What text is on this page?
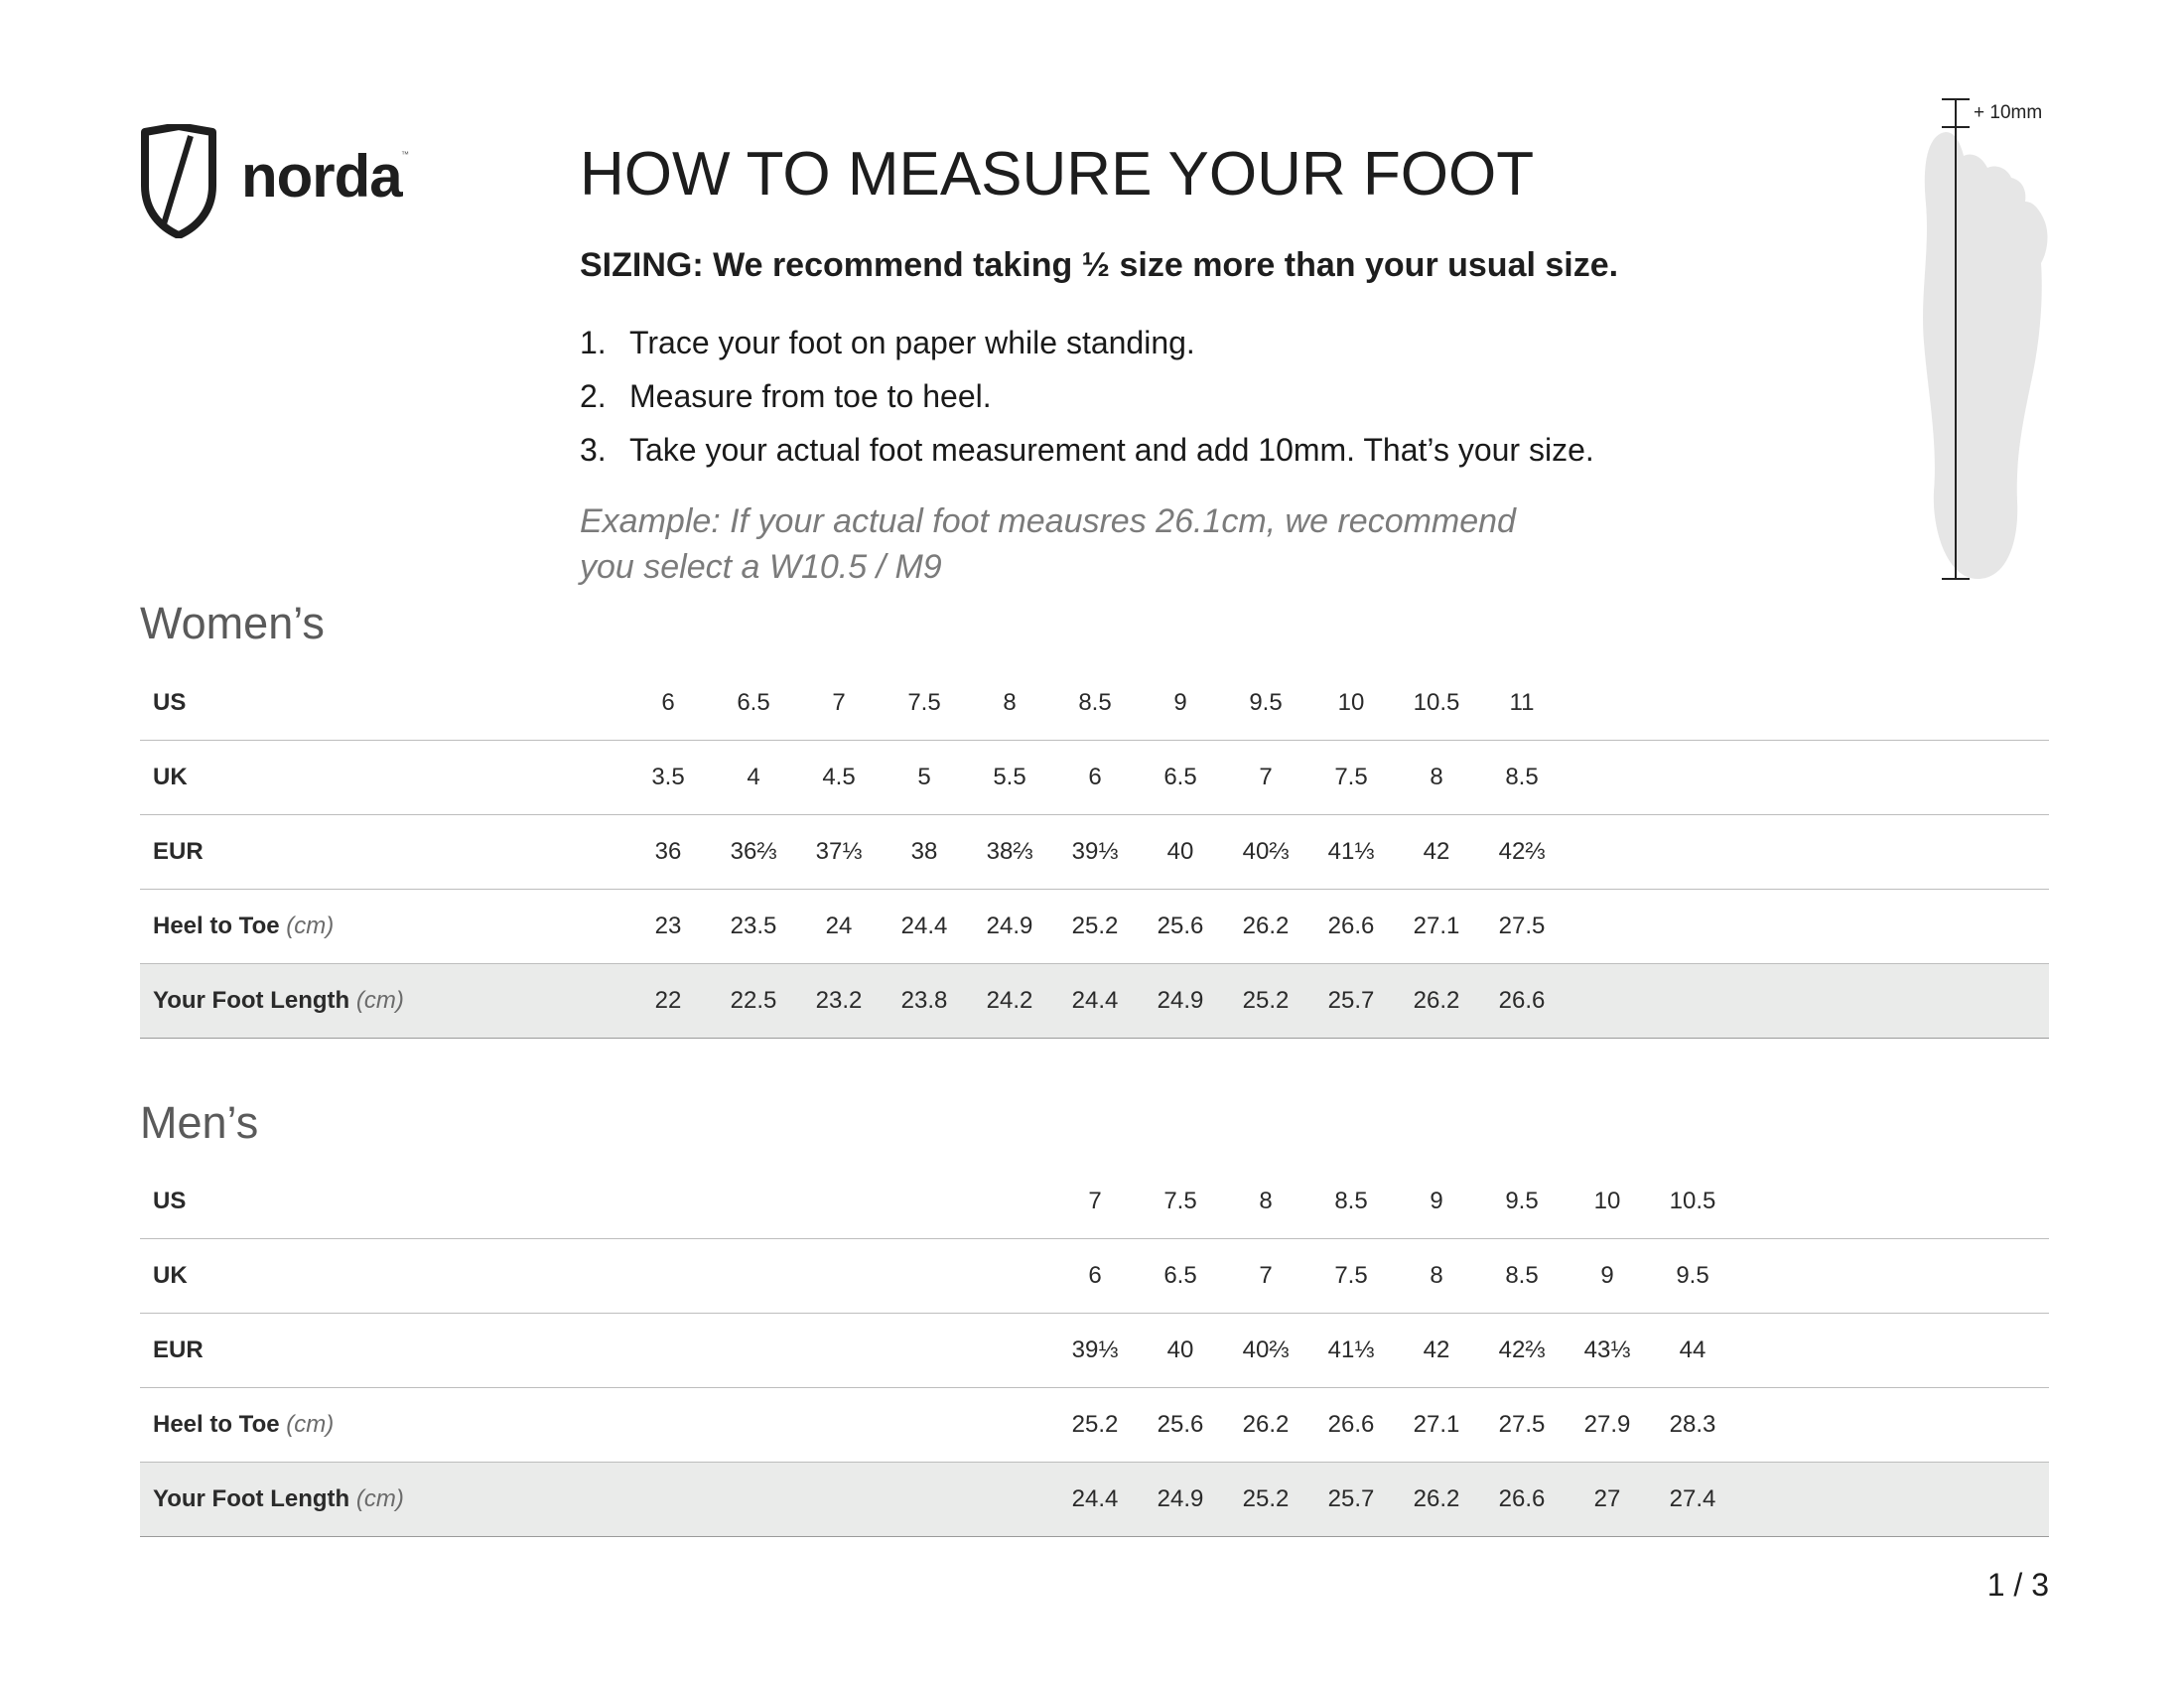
norda ™	HOW TO MEASURE YOUR FOOT
SIZING: We recommend taking ½ size more than your usual size.
1. Trace your foot on paper while standing.
2. Measure from toe to heel.
3. Take your actual foot measurement and add 10mm. That’s your size.
Example: If your actual foot meausres 26.1cm, we recommend
you select a W10.5 / M9
+ 10mm
Women’s
US	6	6.5	7	7.5	8	8.5	9	9.5	10	10.5	11			
UK	3.5	4	4.5	5	5.5	6	6.5	7	7.5	8	8.5			
EUR	36	36⅔	37⅓	38	38⅔	39⅓	40	40⅔	41⅓	42	42⅔			
Heel to Toe (cm)	23	23.5	24	24.4	24.9	25.2	25.6	26.2	26.6	27.1	27.5			
Your Foot Length (cm)	22	22.5	23.2	23.8	24.2	24.4	24.9	25.2	25.7	26.2	26.6			
Men’s
US						7	7.5	8	8.5	9	9.5	10	10.5	
UK						6	6.5	7	7.5	8	8.5	9	9.5	
EUR						39⅓	40	40⅔	41⅓	42	42⅔	43⅓	44	
Heel to Toe (cm)						25.2	25.6	26.2	26.6	27.1	27.5	27.9	28.3	
Your Foot Length (cm)						24.4	24.9	25.2	25.7	26.2	26.6	27	27.4	
1 / 3
